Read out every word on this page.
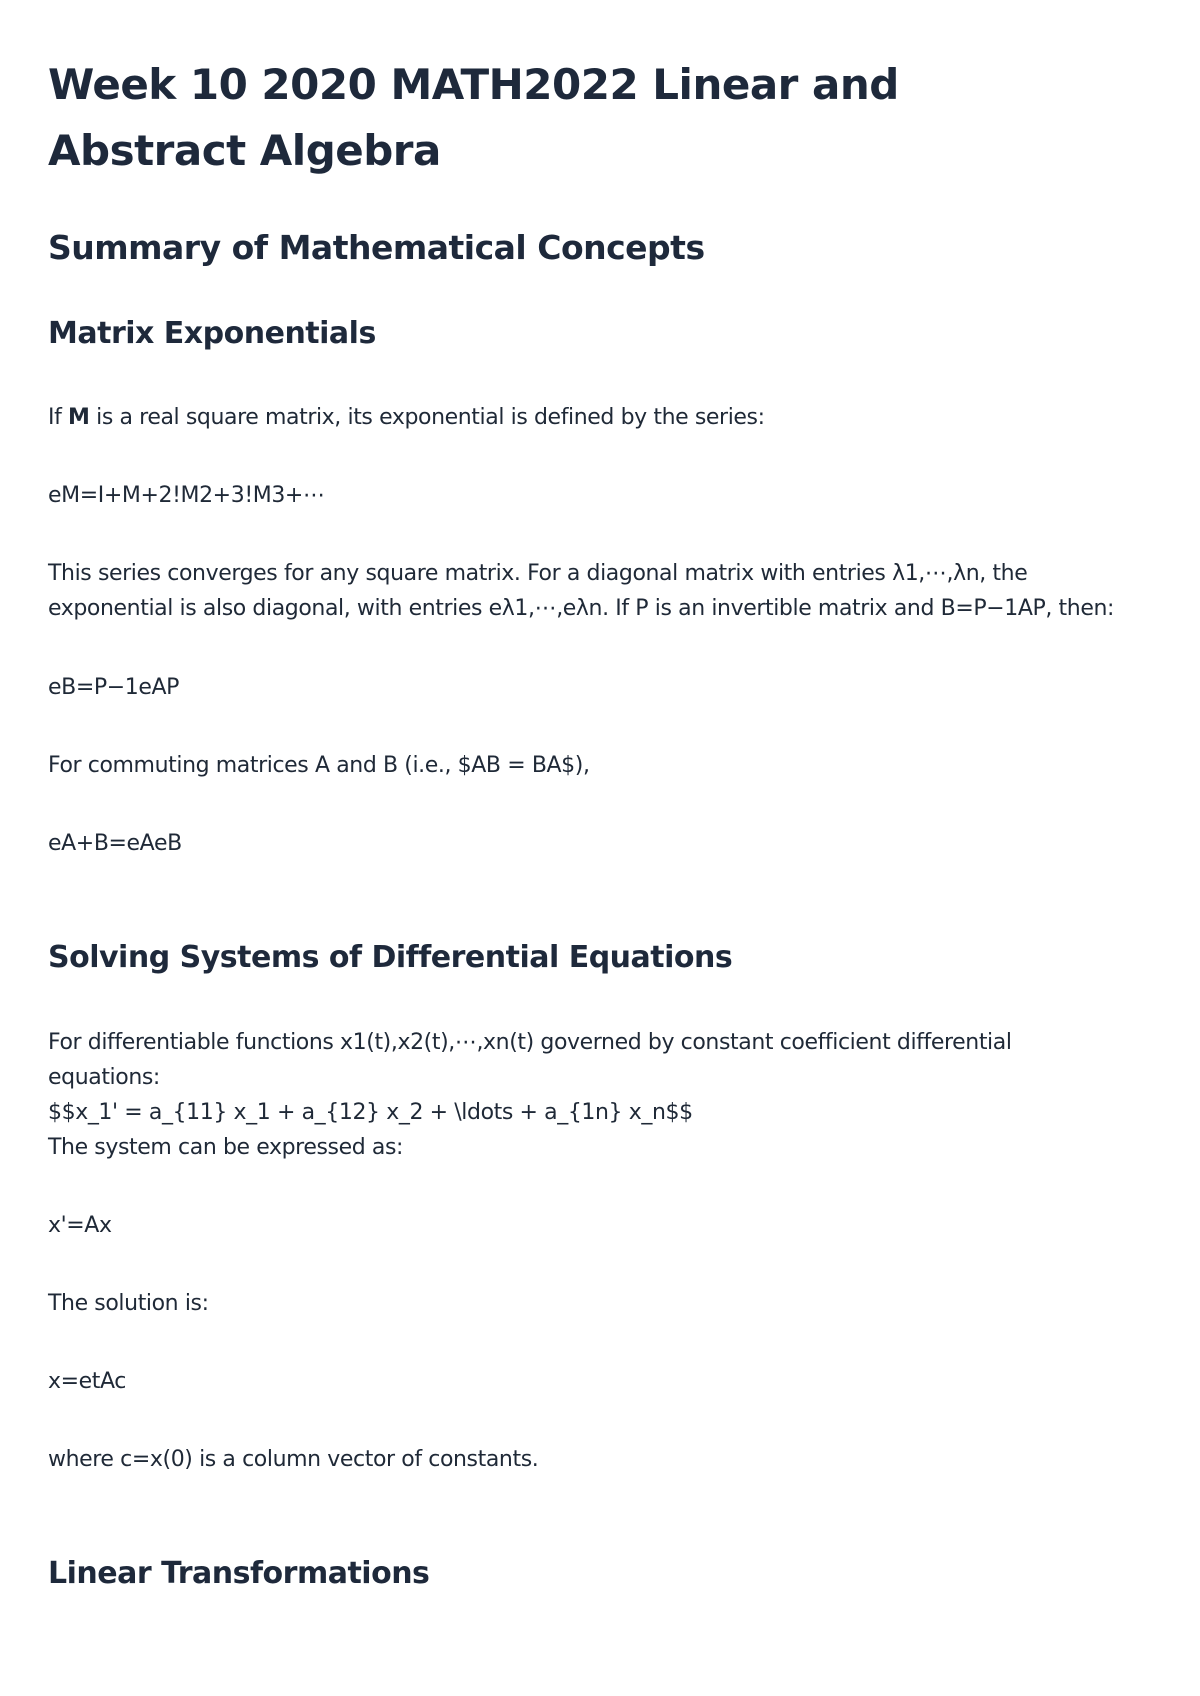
Week 10 2020 MATH2022 Linear and Abstract Algebra
Summary of Mathematical Concepts
Matrix Exponentials

If M is a real square matrix, its exponential is defined by the series:

eM=I+M+2!M2+3!M3+⋯

This series converges for any square matrix. For a diagonal matrix with entries λ1,⋯,λn, the

exponential is also diagonal, with entries eλ1,⋯,eλn. If P is an invertible matrix and B=P−1AP, then:

eB=P−1eAP

For commuting matrices A and B (i.e., $AB = BA$),

eA+B=eAeB

Solving Systems of Differential Equations

For differentiable functions x1(t),x2(t),⋯,xn(t) governed by constant coefficient differential

equations:

$$x_1' = a_{11} x_1 + a_{12} x_2 + \ldots + a_{1n} x_n$$

The system can be expressed as:

x'=Ax

The solution is:

x=etAc

where c=x(0) is a column vector of constants.

Linear Transformations
